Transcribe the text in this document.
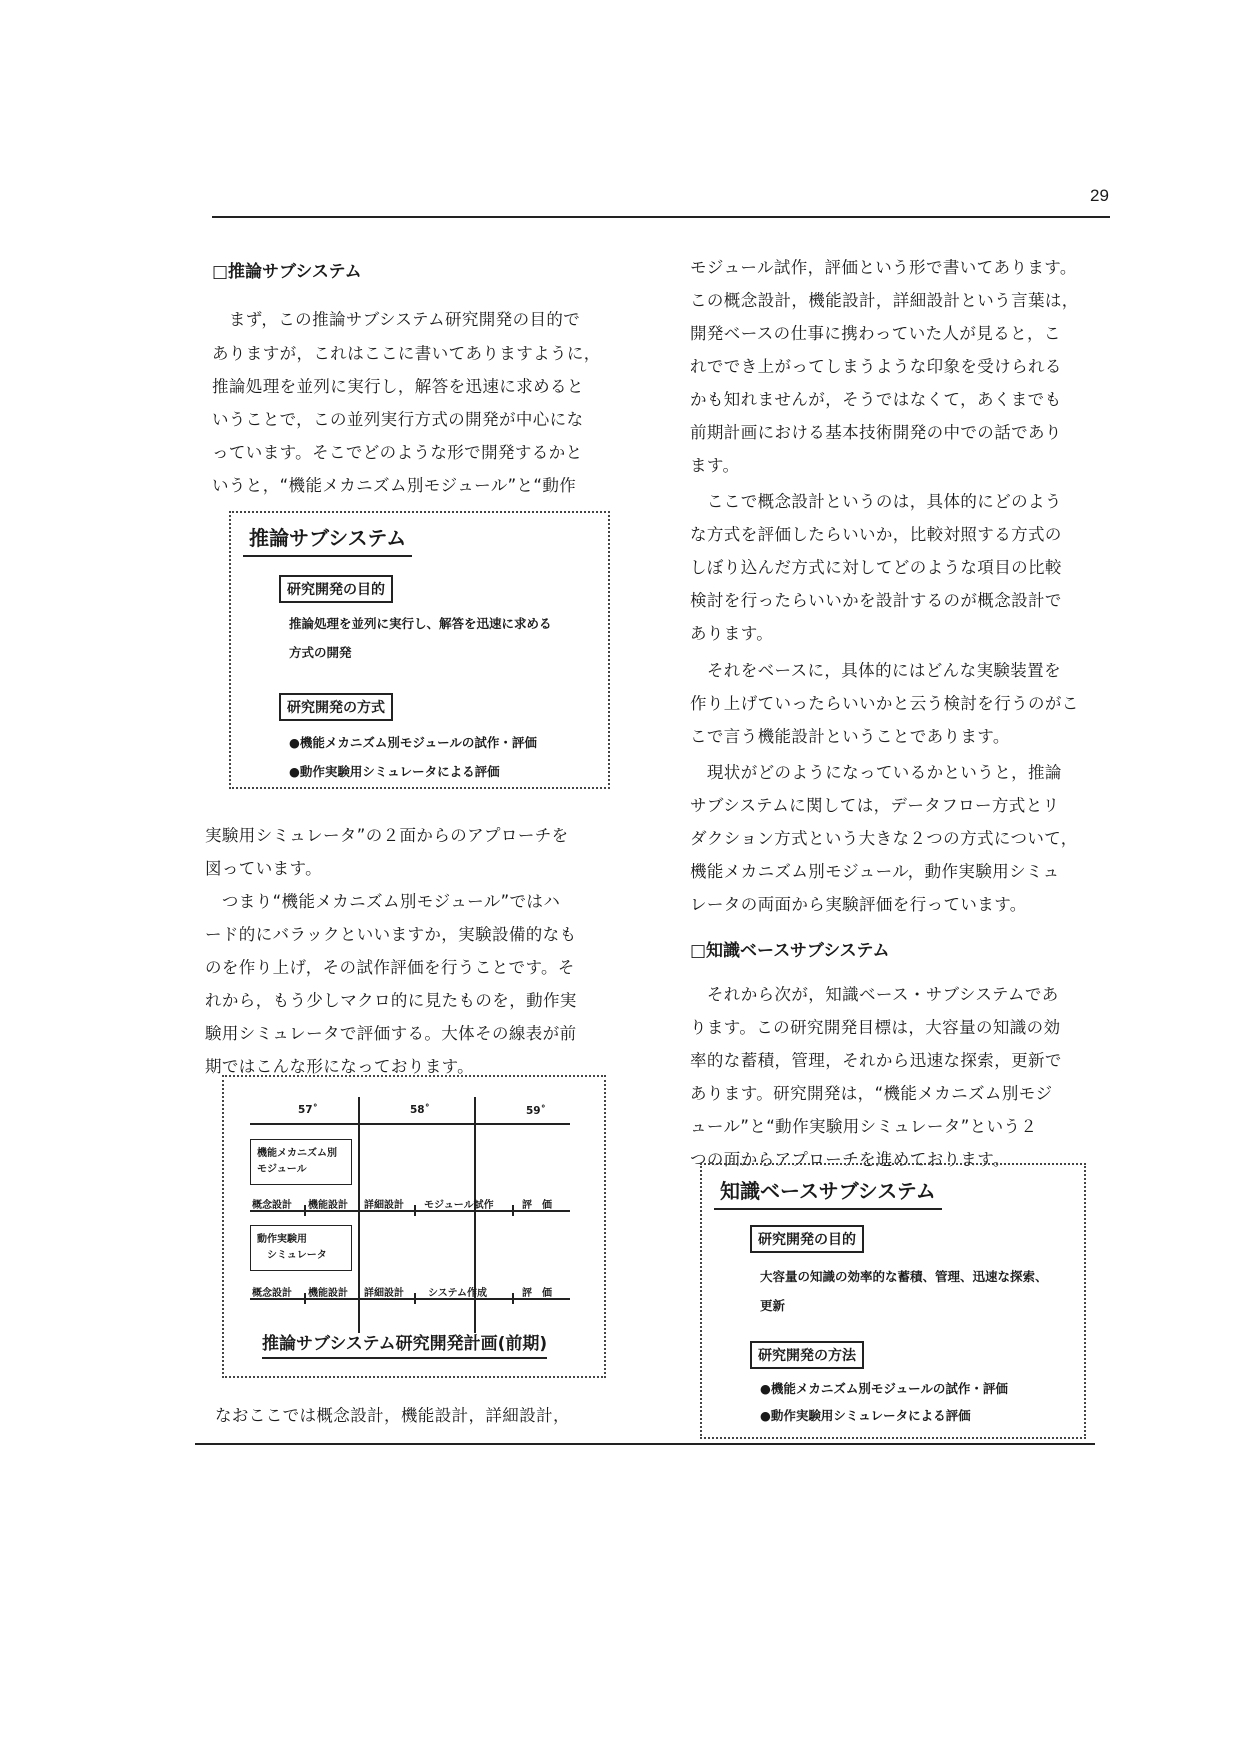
29
□推論サブシステム
　まず，この推論サブシステム研究開発の目的で
ありますが，これはここに書いてありますように，
推論処理を並列に実行し，解答を迅速に求めると
いうことで，この並列実行方式の開発が中心にな
っています。そこでどのような形で開発するかと
いうと，“機能メカニズム別モジュール”と“動作
推論サブシステム
研究開発の目的
推論処理を並列に実行し、解答を迅速に求める
方式の開発
研究開発の方式
●機能メカニズム別モジュールの試作・評価
●動作実験用シミュレータによる評価
実験用シミュレータ”の２面からのアプローチを
図っています。
　つまり“機能メカニズム別モジュール”ではハ
ード的にバラックといいますか，実験設備的なも
のを作り上げ，その試作評価を行うことです。そ
れから，もう少しマクロ的に見たものを，動作実
験用シミュレータで評価する。大体その線表が前
期ではこんな形になっております。
57˚	58˚	59˚
機能メカニズム別
モジュール
概念設計 機能設計 詳細設計 モジュール試作	評　価
動作実験用
　シミュレータ
概念設計 機能設計 詳細設計 システム作成	評　価
推論サブシステム研究開発計画(前期)
なおここでは概念設計，機能設計，詳細設計，
モジュール試作，評価という形で書いてあります。
この概念設計，機能設計，詳細設計という言葉は，
開発ベースの仕事に携わっていた人が見ると，こ
れででき上がってしまうような印象を受けられる
かも知れませんが，そうではなくて，あくまでも
前期計画における基本技術開発の中での話であり
ます。
　ここで概念設計というのは，具体的にどのよう
な方式を評価したらいいか，比較対照する方式の
しぼり込んだ方式に対してどのような項目の比較
検討を行ったらいいかを設計するのが概念設計で
あります。
　それをベースに，具体的にはどんな実験装置を
作り上げていったらいいかと云う検討を行うのがこ
こで言う機能設計ということであります。
　現状がどのようになっているかというと，推論
サブシステムに関しては，データフロー方式とリ
ダクション方式という大きな２つの方式について，
機能メカニズム別モジュール，動作実験用シミュ
レータの両面から実験評価を行っています。
□知識ベースサブシステム
　それから次が，知識ベース・サブシステムであ
ります。この研究開発目標は，大容量の知識の効
率的な蓄積，管理，それから迅速な探索，更新で
あります。研究開発は，“機能メカニズム別モジ
ュール”と“動作実験用シミュレータ”という２
つの面からアプローチを進めております。
知識ベースサブシステム
研究開発の目的
大容量の知識の効率的な蓄積、管理、迅速な探索、
更新
研究開発の方法
●機能メカニズム別モジュールの試作・評価
●動作実験用シミュレータによる評価
